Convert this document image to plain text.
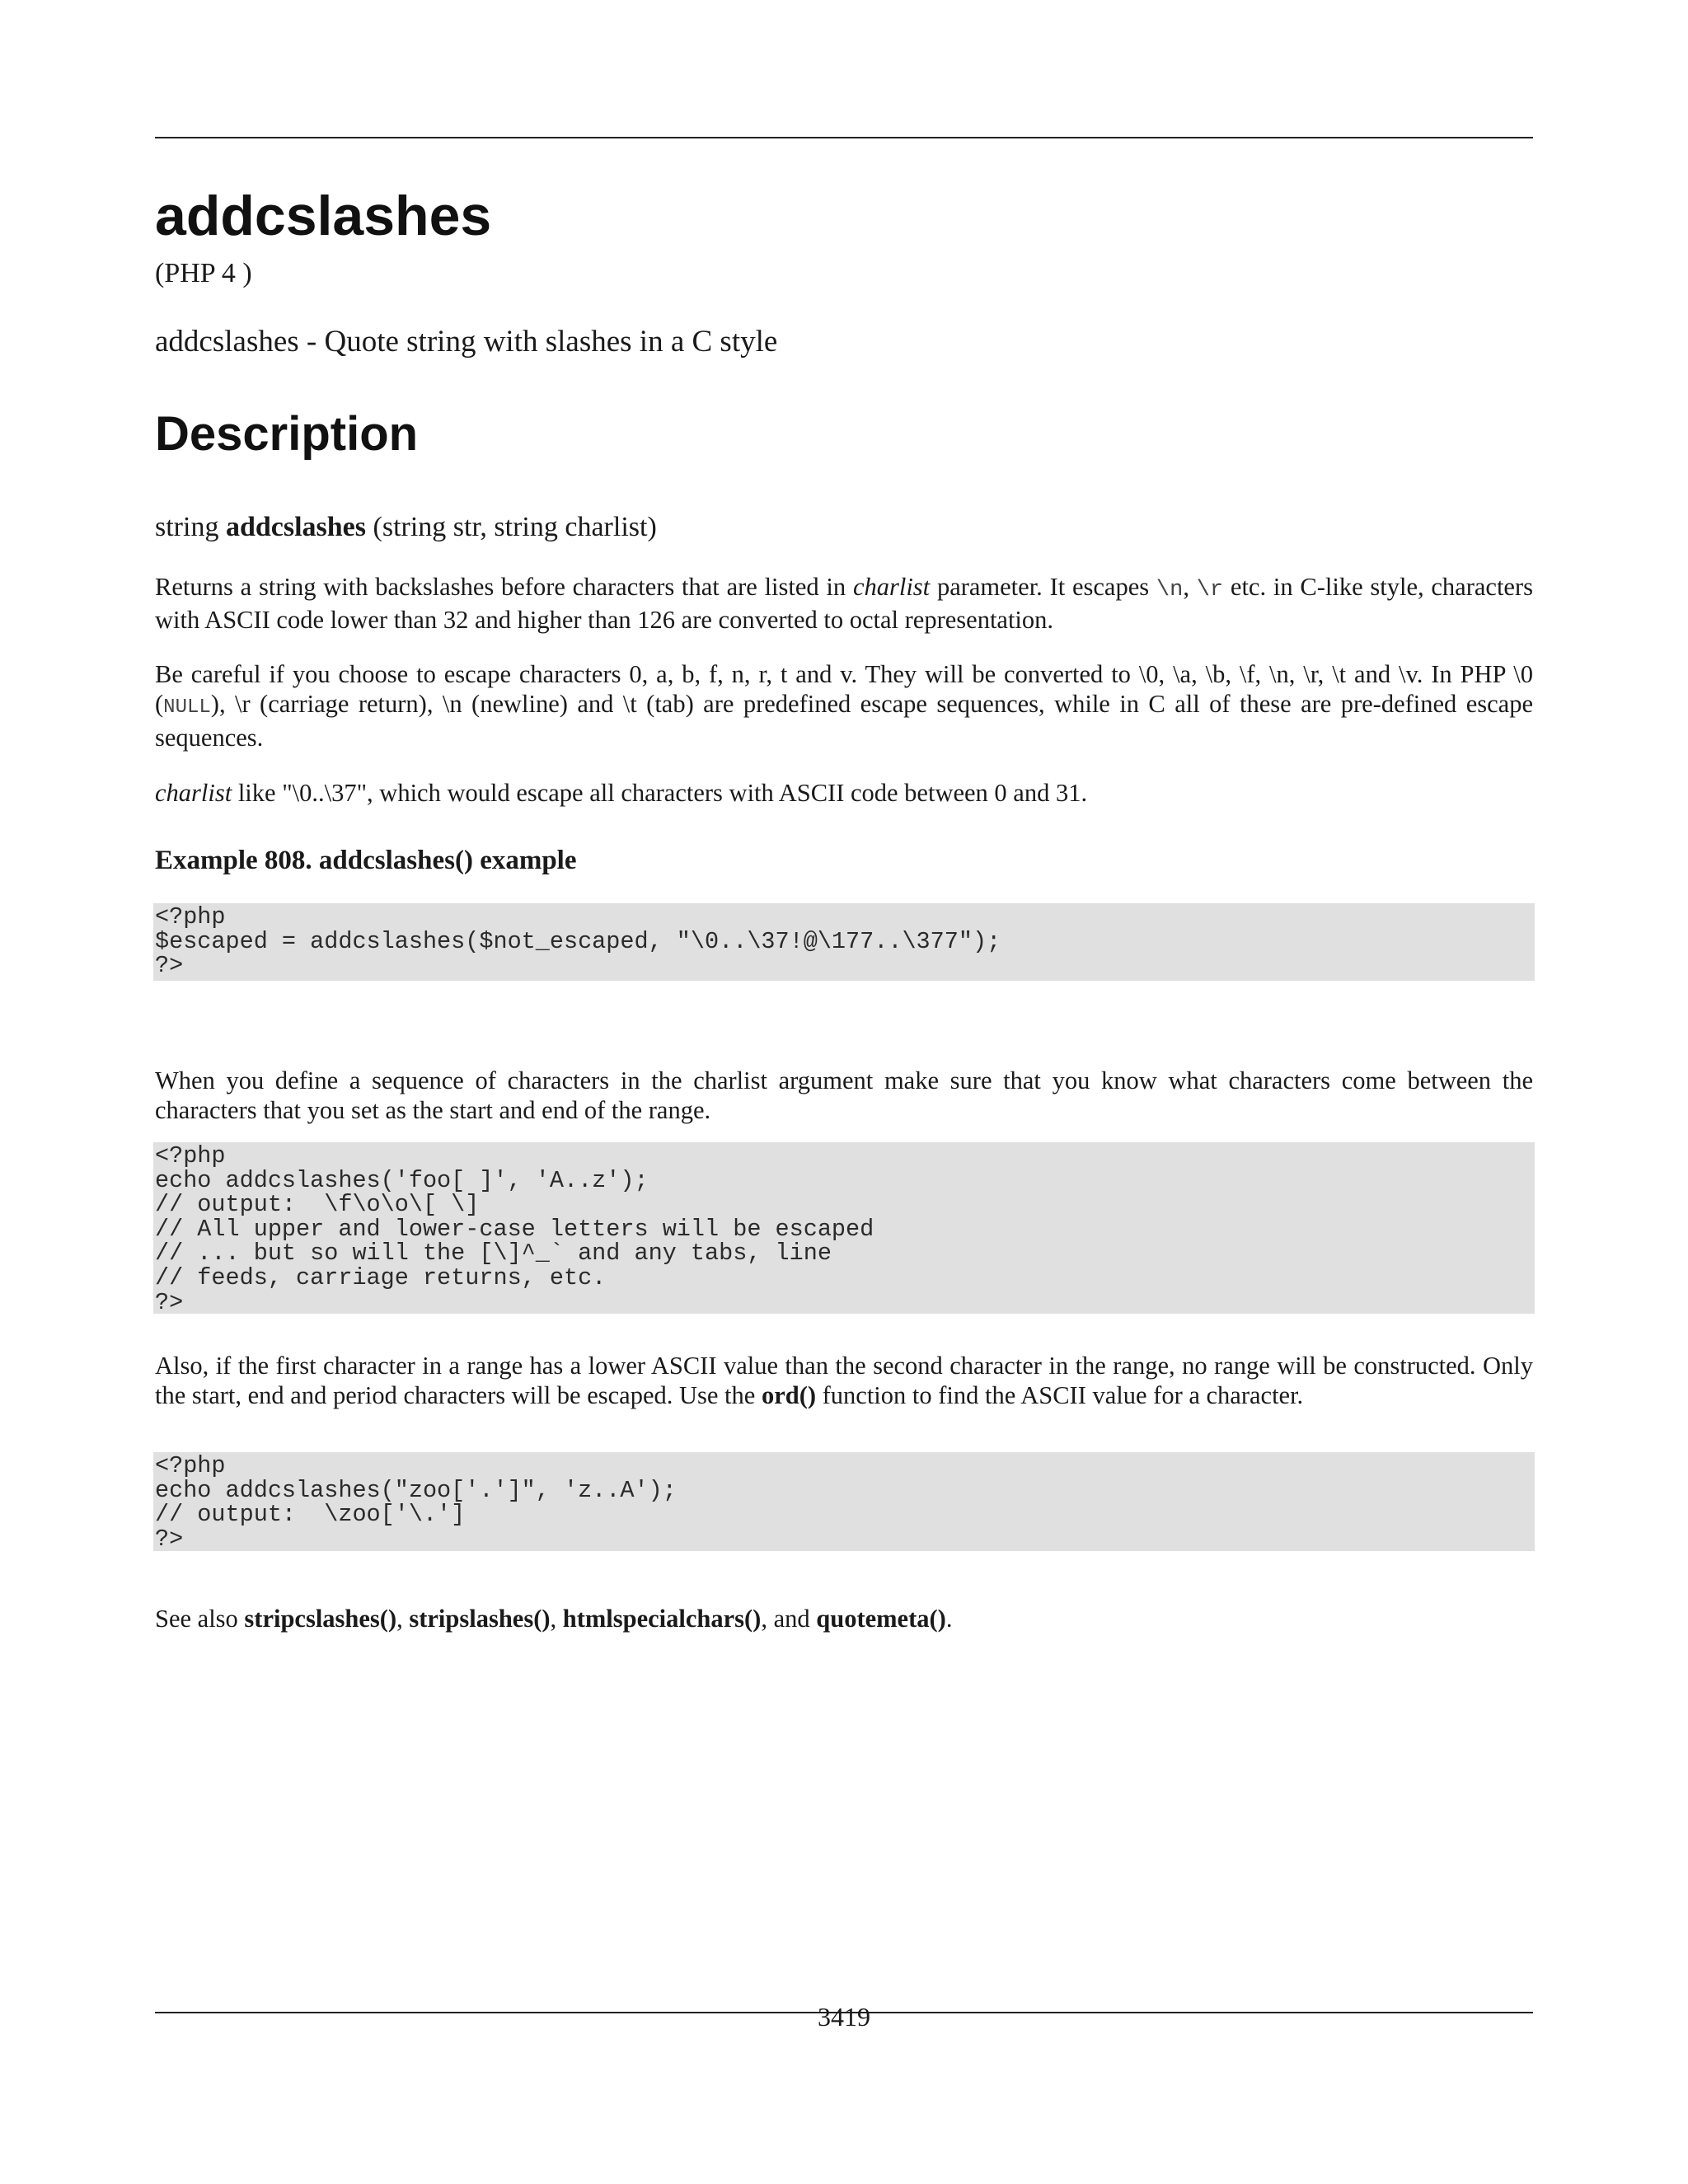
addcslashes
(PHP 4 )
addcslashes - Quote string with slashes in a C style
Description
string addcslashes (string str, string charlist)

Returns a string with backslashes before characters that are listed in charlist parameter. It escapes \n, \r etc. in C-like style, characters with ASCII code lower than 32 and higher than 126 are converted to octal representation.

Be careful if you choose to escape characters 0, a, b, f, n, r, t and v. They will be converted to \0, \a, \b, \f, \n, \r, \t and \v. In PHP \0 (NULL), \r (carriage return), \n (newline) and \t (tab) are predefined escape sequences, while in C all of these are pre-defined escape sequences.

charlist like "\0..\37", which would escape all characters with ASCII code between 0 and 31.

Example 808. addcslashes() example
<?php
$escaped = addcslashes($not_escaped, "\0..\37!@\177..\377");
?>

When you define a sequence of characters in the charlist argument make sure that you know what characters come between the characters that you set as the start and end of the range.

<?php
echo addcslashes('foo[ ]', 'A..z');
// output:  \f\o\o\[ \]
// All upper and lower-case letters will be escaped
// ... but so will the [\]^_` and any tabs, line
// feeds, carriage returns, etc.
?>

Also, if the first character in a range has a lower ASCII value than the second character in the range, no range will be constructed. Only the start, end and period characters will be escaped. Use the ord() function to find the ASCII value for a character.

<?php
echo addcslashes("zoo['.']", 'z..A');
// output:  \zoo['\.']
?>

See also stripcslashes(), stripslashes(), htmlspecialchars(), and quotemeta().

3419
